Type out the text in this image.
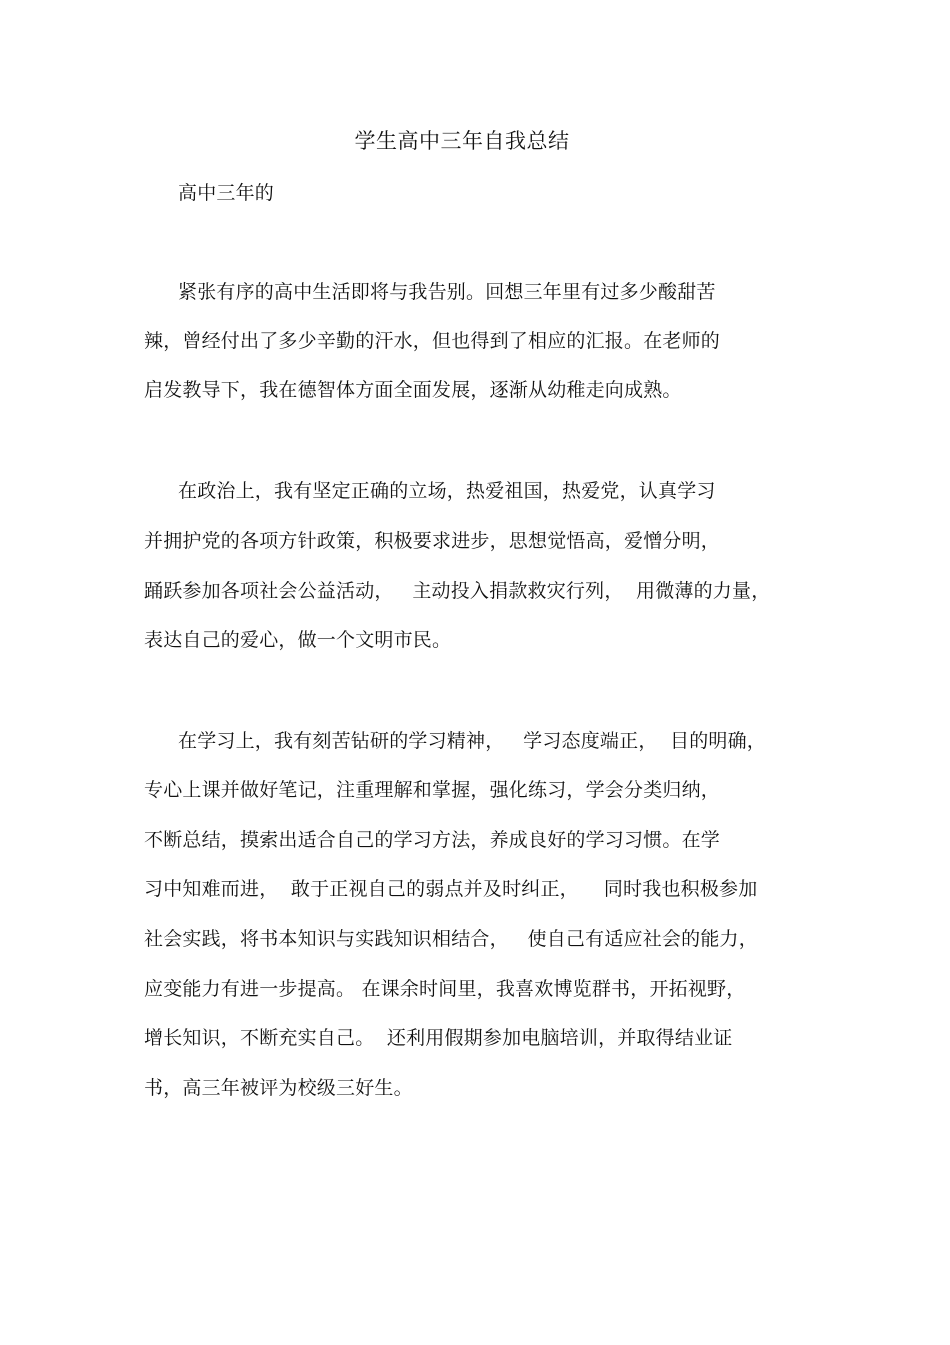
学生高中三年自我总结
高中三年的
紧张有序的高中生活即将与我告别。回想三年里有过多少酸甜苦
辣，曾经付出了多少辛勤的汗水，但也得到了相应的汇报。在老师的
启发教导下，我在德智体方面全面发展，逐渐从幼稚走向成熟。
在政治上，我有坚定正确的立场，热爱祖国，热爱党，认真学习
并拥护党的各项方针政策，积极要求进步，思想觉悟高，爱憎分明，
踊跃参加各项社会公益活动，   主动投入捐款救灾行列，  用微薄的力量，
表达自己的爱心，做一个文明市民。
在学习上，我有刻苦钻研的学习精神，   学习态度端正，  目的明确，
专心上课并做好笔记，注重理解和掌握，强化练习，学会分类归纳，
不断总结，摸索出适合自己的学习方法，养成良好的学习习惯。在学
习中知难而进，  敢于正视自己的弱点并及时纠正，    同时我也积极参加
社会实践，将书本知识与实践知识相结合，   使自己有适应社会的能力，
应变能力有进一步提高。 在课余时间里，我喜欢博览群书，开拓视野，
增长知识，不断充实自己。  还利用假期参加电脑培训，并取得结业证
书，高三年被评为校级三好生。
